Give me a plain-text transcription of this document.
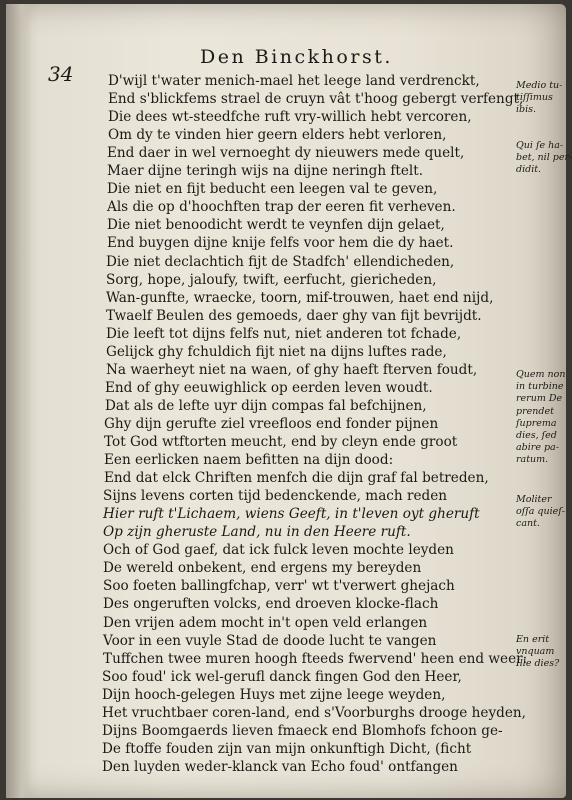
34
Den Binckhorst.
D'wijl t'water menich-mael het leege land verdrenckt,
End s'blickfems strael de cruyn vât t'hoog gebergt verfengt,
Die dees wt-steedfche ruft vry-willich hebt vercoren,
Om dy te vinden hier geern elders hebt verloren,
End daer in wel vernoeght dy nieuwers mede quelt,
Maer dijne teringh wijs na dijne neringh ftelt.
Die niet en fijt beducht een leegen val te geven,
Als die op d'hoochften trap der eeren fit verheven.
Die niet benoodicht werdt te veynfen dijn gelaet,
End buygen dijne knije felfs voor hem die dy haet.
Die niet declachtich fijt de Stadfch' ellendicheden,
Sorg, hope, jaloufy, twift, eerfucht, giericheden,
Wan-gunfte, wraecke, toorn, mif-trouwen, haet end nijd,
Twaelf Beulen des gemoeds, daer ghy van fijt bevrijdt.
Die leeft tot dijns felfs nut, niet anderen tot fchade,
Gelijck ghy fchuldich fijt niet na dijns luftes rade,
Na waerheyt niet na waen, of ghy haeft fterven foudt,
End of ghy eeuwighlick op eerden leven woudt.
Dat als de lefte uyr dijn compas fal befchijnen,
Ghy dijn gerufte ziel vreefloos end fonder pijnen
Tot God wtftorten meucht, end by cleyn ende groot
Een eerlicken naem befitten na dijn dood:
End dat elck Chriften menfch die dijn graf fal betreden,
Sijns levens corten tijd bedenckende, mach reden
Hier ruft t'Lichaem, wiens Geeft, in t'leven oyt gheruft
Op zijn gheruste Land, nu in den Heere ruft.
Och of God gaef, dat ick fulck leven mochte leyden
De wereld onbekent, end ergens my bereyden
Soo foeten ballingfchap, verr' wt t'verwert ghejach
Des ongeruften volcks, end droeven klocke-flach
Den vrijen adem mocht in't open veld erlangen
Voor in een vuyle Stad de doode lucht te vangen
Tuffchen twee muren hoogh fteeds fwervend' heen end weer:
Soo foud' ick wel-gerufl danck fingen God den Heer,
Dijn hooch-gelegen Huys met zijne leege weyden,
Het vruchtbaer coren-land, end s'Voorburghs drooge heyden,
Dijns Boomgaerds lieven fmaeck end Blomhofs fchoon ge-
De ftoffe fouden zijn van mijn onkunftigh Dicht, (ficht
Den luyden weder-klanck van Echo foud' ontfangen
Medio tu-
tiſſimus
ibis.
Qui ſe ha-
bet, nil per-
didit.
Quem non
in turbine
rerum De
prendet
ſuprema
dies, ſed
abire pa-
ratum.
Moliter
oſſa quieſ-
cant.
En erit
vnquam
Ille dies?
